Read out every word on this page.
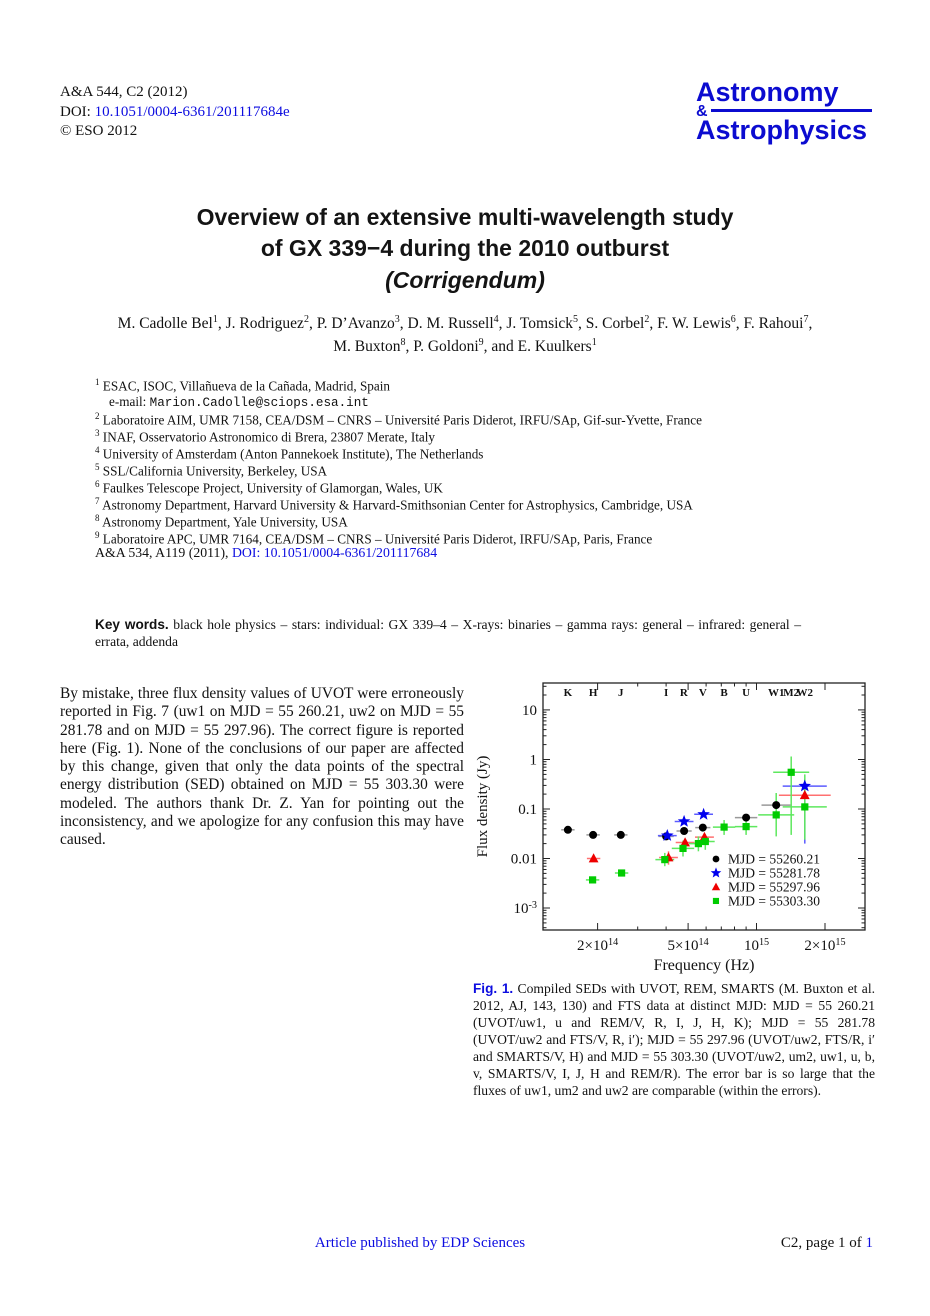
A&A 544, C2 (2012)
DOI: 10.1051/0004-6361/201117684e
© ESO 2012
Astronomy
&
Astrophysics
Overview of an extensive multi-wavelength study
of GX 339−4 during the 2010 outburst
(Corrigendum)
M. Cadolle Bel$^1$, J. Rodriguez$^2$, P. D’Avanzo$^3$, D. M. Russell$^4$, J. Tomsick$^5$, S. Corbel$^2$, F. W. Lewis$^6$, F. Rahoui$^7$,
M. Buxton$^8$, P. Goldoni$^9$, and E. Kuulkers$^1$
$^1$ ESAC, ISOC, Villañueva de la Cañada, Madrid, Spain
e-mail: Marion.Cadolle@sciops.esa.int
$^2$ Laboratoire AIM, UMR 7158, CEA/DSM – CNRS – Université Paris Diderot, IRFU/SAp, Gif-sur-Yvette, France
$^3$ INAF, Osservatorio Astronomico di Brera, 23807 Merate, Italy
$^4$ University of Amsterdam (Anton Pannekoek Institute), The Netherlands
$^5$ SSL/California University, Berkeley, USA
$^6$ Faulkes Telescope Project, University of Glamorgan, Wales, UK
$^7$ Astronomy Department, Harvard University & Harvard-Smithsonian Center for Astrophysics, Cambridge, USA
$^8$ Astronomy Department, Yale University, USA
$^9$ Laboratoire APC, UMR 7164, CEA/DSM – CNRS – Université Paris Diderot, IRFU/SAp, Paris, France
A&A 534, A119 (2011), DOI: 10.1051/0004-6361/201117684
Key words. black hole physics – stars: individual: GX 339–4 – X-rays: binaries – gamma rays: general – infrared: general – errata, addenda
By mistake, three flux density values of UVOT were erroneously reported in Fig. 7 (uw1 on MJD = 55 260.21, uw2 on MJD = 55 281.78 and on MJD = 55 297.96). The correct figure is reported here (Fig. 1). None of the conclusions of our paper are affected by this change, given that only the data points of the spectral energy distribution (SED) obtained on MJD = 55 303.30 were modeled. The authors thank Dr. Z. Yan for pointing out the inconsistency, and we apologize for any confusion this may have caused.
$2\times 10^{14}$	$5\times 10^{14}$ $10^{15}$ $2\times 10^{15}$
10
1
0.1
0.01
$10^{-3}$
Frequency (Hz)
Flux density (Jy)
K H J	I R V B U W1
M2
W2
MJD = 55260.21
MJD = 55281.78
MJD = 55297.96
MJD = 55303.30
Fig. 1. Compiled SEDs with UVOT, REM, SMARTS (M. Buxton et al. 2012, AJ, 143, 130) and FTS data at distinct MJD: MJD = 55 260.21 (UVOT/uw1, u and REM/V, R, I, J, H, K); MJD = 55 281.78 (UVOT/uw2 and FTS/V, R, i′); MJD = 55 297.96 (UVOT/uw2, FTS/R, i′ and SMARTS/V, H) and MJD = 55 303.30 (UVOT/uw2, um2, uw1, u, b, v, SMARTS/V, I, J, H and REM/R). The error bar is so large that the fluxes of uw1, um2 and uw2 are comparable (within the errors).
Article published by EDP Sciences	C2, page 1 of 1
